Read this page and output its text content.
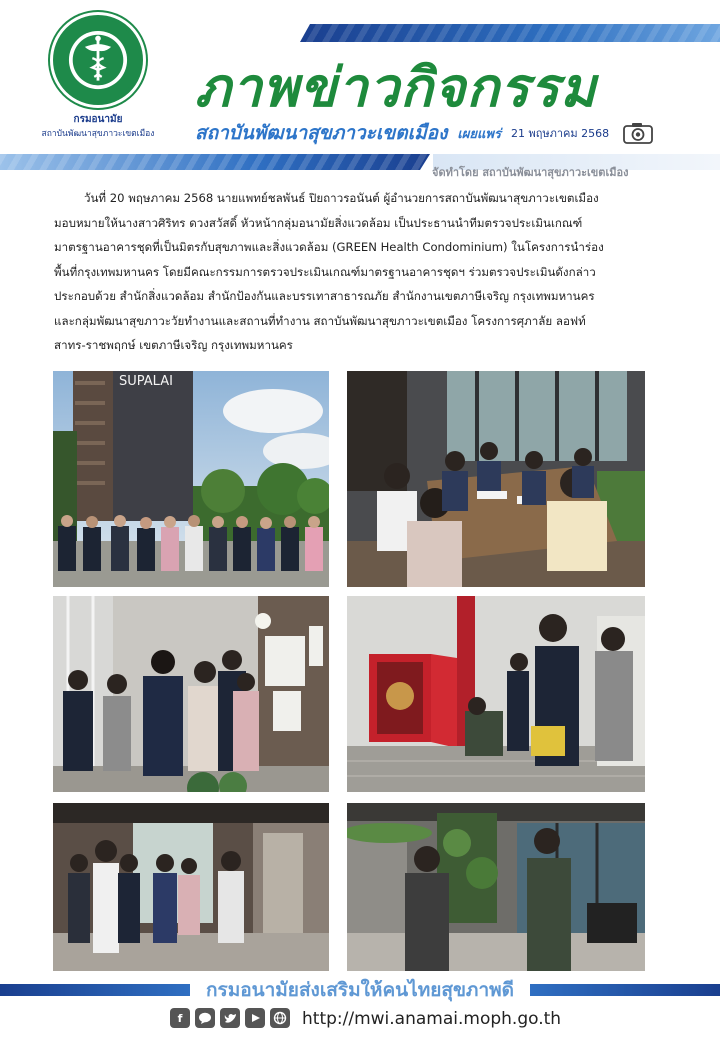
กรมอนามัย
สถาบันพัฒนาสุขภาวะเขตเมือง
ภาพข่าวกิจกรรม
สถาบันพัฒนาสุขภาวะเขตเมือง เผยแพร่ 21 พฤษภาคม 2568
จัดทำโดย สถาบันพัฒนาสุขภาวะเขตเมือง
วันที่ 20 พฤษภาคม 2568 นายแพทย์ชลพันธ์ ปิยถาวรอนันต์ ผู้อำนวยการสถาบันพัฒนาสุขภาวะเขตเมือง
มอบหมายให้นางสาวศิริทร ดวงสวัสดิ์ หัวหน้ากลุ่มอนามัยสิ่งแวดล้อม เป็นประธานนำทีมตรวจประเมินเกณฑ์
มาตรฐานอาคารชุดที่เป็นมิตรกับสุขภาพและสิ่งแวดล้อม (GREEN Health Condominium) ในโครงการนำร่อง
พื้นที่กรุงเทพมหานคร โดยมีคณะกรรมการตรวจประเมินเกณฑ์มาตรฐานอาคารชุดฯ ร่วมตรวจประเมินดังกล่าว
ประกอบด้วย สำนักสิ่งแวดล้อม สำนักป้องกันและบรรเทาสาธารณภัย สำนักงานเขตภาษีเจริญ กรุงเทพมหานคร
และกลุ่มพัฒนาสุขภาวะวัยทำงานและสถานที่ทำงาน สถาบันพัฒนาสุขภาวะเขตเมือง โครงการศุภาลัย ลอฟท์
สาทร-ราชพฤกษ์ เขตภาษีเจริญ กรุงเทพมหานคร
SUPALAI
กรมอนามัยส่งเสริมให้คนไทยสุขภาพดี
f	http://mwi.anamai.moph.go.th
